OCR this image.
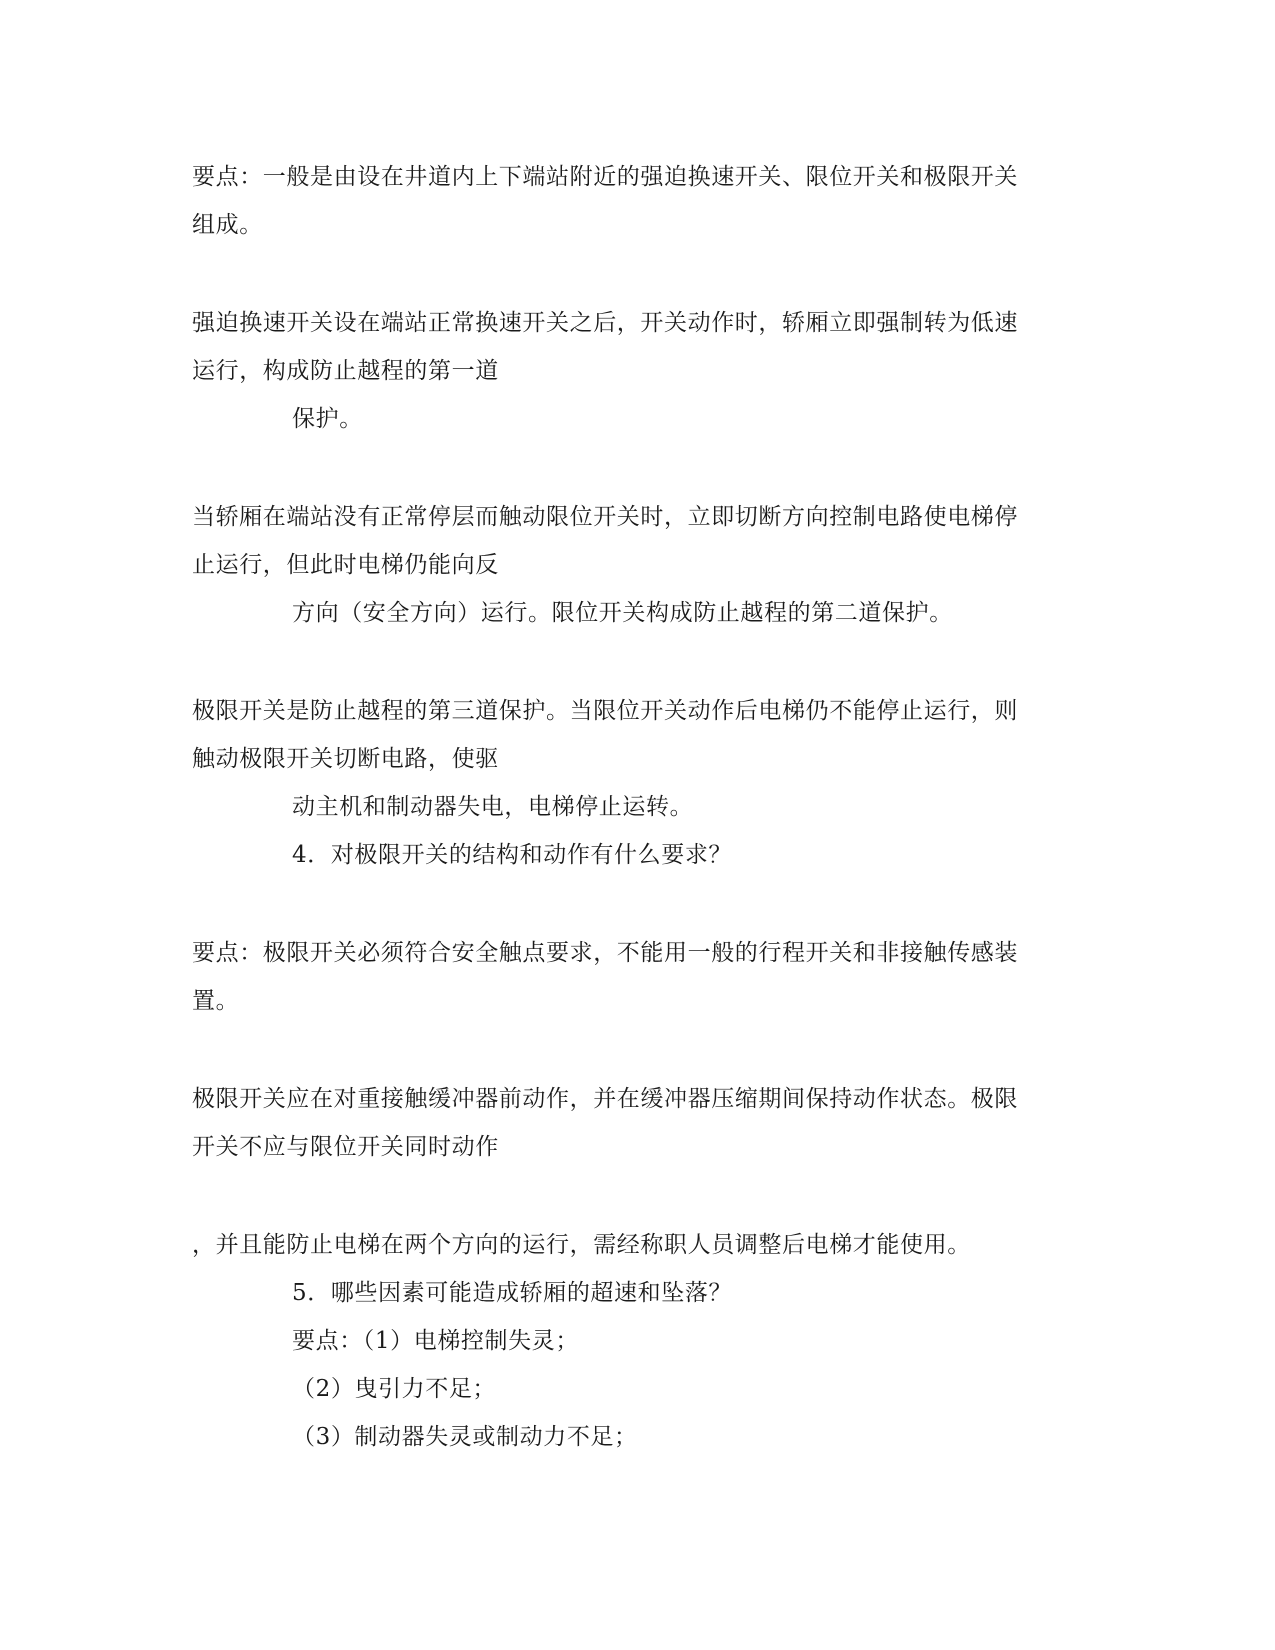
要点：一般是由设在井道内上下端站附近的强迫换速开关、限位开关和极限开关
组成。
强迫换速开关设在端站正常换速开关之后，开关动作时，轿厢立即强制转为低速
运行，构成防止越程的第一道
保护。
当轿厢在端站没有正常停层而触动限位开关时，立即切断方向控制电路使电梯停
止运行，但此时电梯仍能向反
方向（安全方向）运行。限位开关构成防止越程的第二道保护。
极限开关是防止越程的第三道保护。当限位开关动作后电梯仍不能停止运行，则
触动极限开关切断电路，使驱
动主机和制动器失电，电梯停止运转。
4．对极限开关的结构和动作有什么要求？
要点：极限开关必须符合安全触点要求，不能用一般的行程开关和非接触传感装
置。
极限开关应在对重接触缓冲器前动作，并在缓冲器压缩期间保持动作状态。极限
开关不应与限位开关同时动作
，并且能防止电梯在两个方向的运行，需经称职人员调整后电梯才能使用。
5．哪些因素可能造成轿厢的超速和坠落？
要点：（1）电梯控制失灵；
（2）曳引力不足；
（3）制动器失灵或制动力不足；
